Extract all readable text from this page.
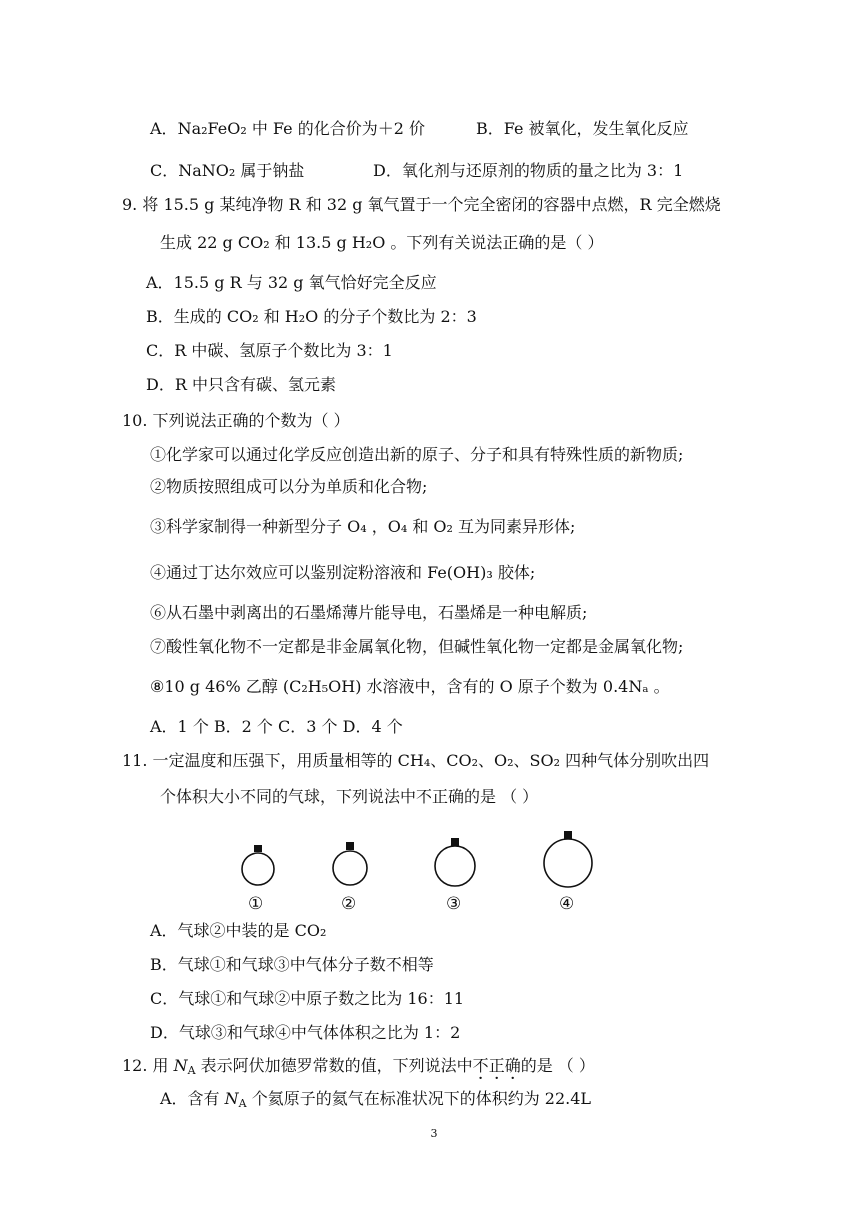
A．Na₂FeO₂ 中 Fe 的化合价为＋2 价	B．Fe 被氧化，发生氧化反应
C．NaNO₂ 属于钠盐	D．氧化剂与还原剂的物质的量之比为 3：1
9. 将 15.5 g 某纯净物 R 和 32 g 氧气置于一个完全密闭的容器中点燃，R 完全燃烧
生成 22 g CO₂ 和 13.5 g H₂O 。下列有关说法正确的是（ ）
A．15.5 g R 与 32 g 氧气恰好完全反应
B．生成的 CO₂ 和 H₂O 的分子个数比为 2：3
C．R 中碳、氢原子个数比为 3：1
D．R 中只含有碳、氢元素
10. 下列说法正确的个数为（ ）
①化学家可以通过化学反应创造出新的原子、分子和具有特殊性质的新物质;
②物质按照组成可以分为单质和化合物;
③科学家制得一种新型分子 O₄ ，O₄ 和 O₂ 互为同素异形体;
④通过丁达尔效应可以鉴别淀粉溶液和 Fe(OH)₃ 胶体;
⑥从石墨中剥离出的石墨烯薄片能导电，石墨烯是一种电解质;
⑦酸性氧化物不一定都是非金属氧化物，但碱性氧化物一定都是金属氧化物;
⑧10 g 46% 乙醇 (C₂H₅OH) 水溶液中，含有的 O 原子个数为 0.4Nₐ 。
A．1 个 B．2 个 C．3 个 D．4 个
11. 一定温度和压强下，用质量相等的 CH₄、CO₂、O₂、SO₂ 四种气体分别吹出四
个体积大小不同的气球，下列说法中不正确的是 （ ）
①	②	③	④
A．气球②中装的是 CO₂
B．气球①和气球③中气体分子数不相等
C．气球①和气球②中原子数之比为 16：11
D．气球③和气球④中气体体积之比为 1：2
12. 用 $N_A$ 表示阿伏加德罗常数的值，下列说法中不正确的是 （ ）
A．含有 $N_A$ 个氦原子的氦气在标准状况下的体积约为 22.4L
3
